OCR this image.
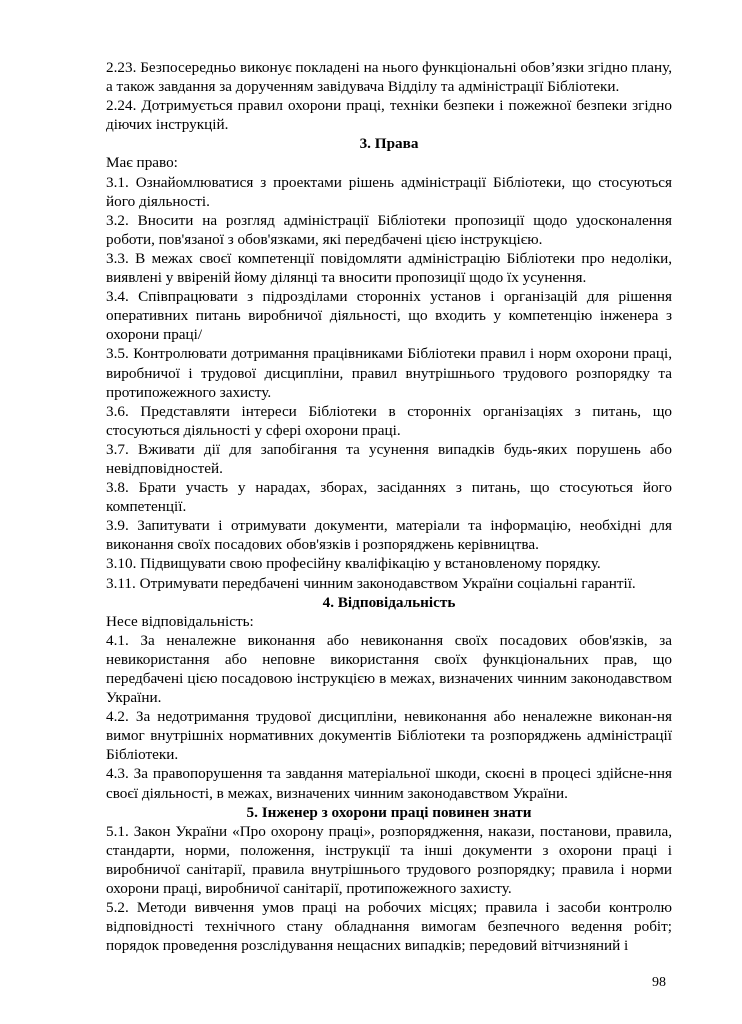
2.23. Безпосередньо виконує покладені на нього функціональні обов’язки згідно плану, а також завдання за дорученням завідувача Відділу та адміністрації Бібліотеки.

2.24. Дотримується правил охорони праці, техніки безпеки і пожежної безпеки згідно діючих інструкцій.

3. Права

Має право:

3.1. Ознайомлюватися з проектами рішень адміністрації Бібліотеки, що стосуються його діяльності.

3.2. Вносити на розгляд адміністрації Бібліотеки пропозиції щодо удосконалення роботи, пов'язаної з обов'язками, які передбачені цією інструкцією.

3.3. В межах своєї компетенції повідомляти адміністрацію Бібліотеки про недоліки, виявлені у ввіреній йому ділянці та вносити пропозиції щодо їх усунення.

3.4. Співпрацювати з підрозділами сторонніх установ і організацій для рішення оперативних питань виробничої діяльності, що входить у компетенцію інженера з охорони праці/

3.5. Контролювати дотримання працівниками Бібліотеки правил і норм охорони праці, виробничої і трудової дисципліни, правил внутрішнього трудового розпорядку та протипожежного захисту.

3.6. Представляти інтереси Бібліотеки в сторонніх організаціях з питань, що стосуються діяльності у сфері охорони праці.

3.7. Вживати дії для запобігання та усунення випадків будь-яких порушень або невідповідностей.

3.8. Брати участь у нарадах, зборах, засіданнях з питань, що стосуються його компетенції.

3.9. Запитувати і отримувати документи, матеріали та інформацію, необхідні для виконання своїх посадових обов'язків і розпоряджень керівництва.

3.10. Підвищувати свою професійну кваліфікацію у встановленому порядку.

3.11. Отримувати передбачені чинним законодавством України соціальні гарантії.

4. Відповідальність

Несе відповідальність:

4.1. За неналежне виконання або невиконання своїх посадових обов'язків, за невикористання або неповне використання своїх функціональних прав, що передбачені цією посадовою інструкцією в межах, визначених чинним законодавством України.

4.2. За недотримання трудової дисципліни, невиконання або неналежне виконан-ня вимог внутрішніх нормативних документів Бібліотеки та розпоряджень адміністрації Бібліотеки.

4.3. За правопорушення та завдання матеріальної шкоди, скоєні в процесі здійсне-ння своєї діяльності, в межах, визначених чинним законодавством України.

5. Інженер з охорони праці повинен знати

5.1. Закон України «Про охорону праці», розпорядження, накази, постанови, правила, стандарти, норми, положення, інструкції та інші документи з охорони праці і виробничої санітарії, правила внутрішнього трудового розпорядку; правила і норми охорони праці, виробничої санітарії, протипожежного захисту.

5.2. Методи вивчення умов праці на робочих місцях; правила і засоби контролю відповідності технічного стану обладнання вимогам безпечного ведення робіт; порядок проведення розслідування нещасних випадків; передовий вітчизняний і

98
